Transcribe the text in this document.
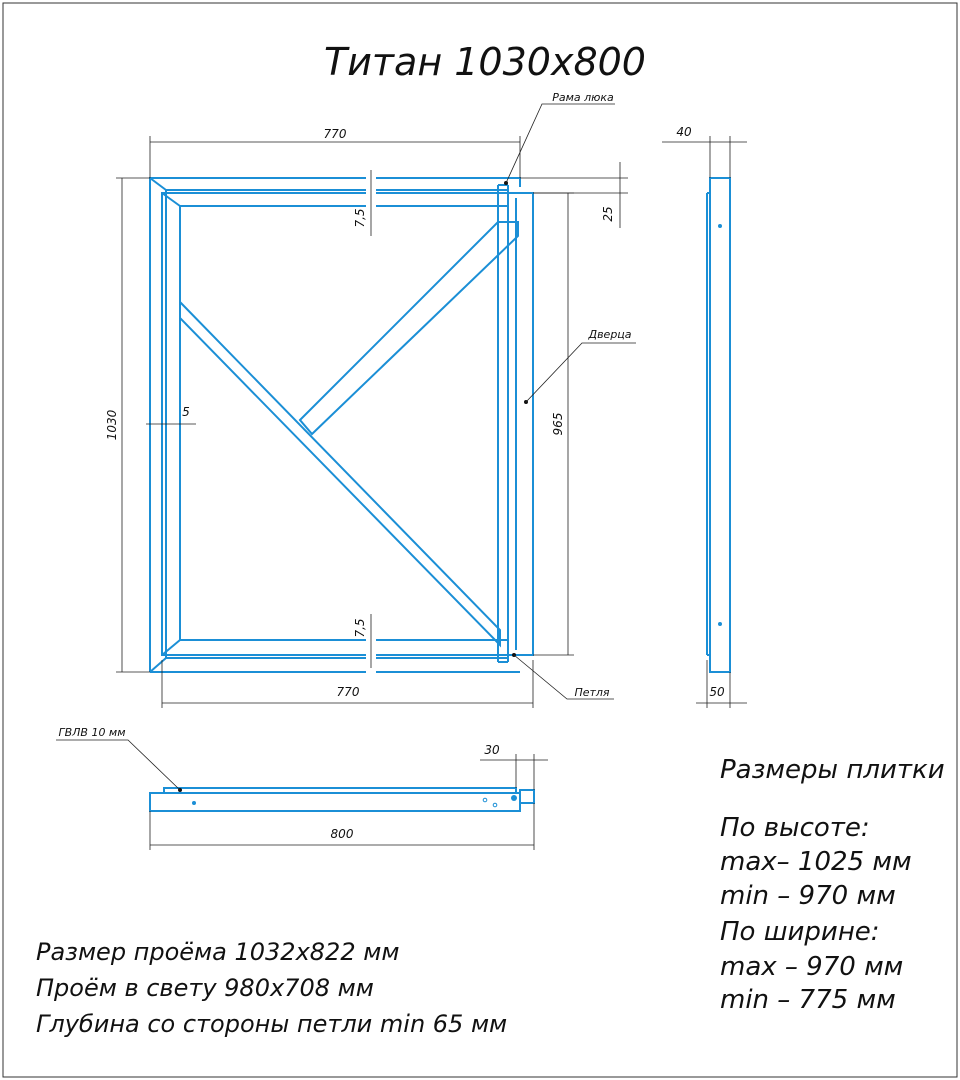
Титан 1030х800
770
770
1030	965
7,5
7,5
25
5
Рама люка
Дверца
Петля
40
50
ГВЛВ 10 мм
30
800
Размер проёма 1032х822 мм
Проём в свету 980х708 мм
Глубина со стороны петли min 65 мм
Размеры плитки
По высоте:
max– 1025 мм
min – 970 мм
По ширине:
max – 970 мм
min – 775 мм
